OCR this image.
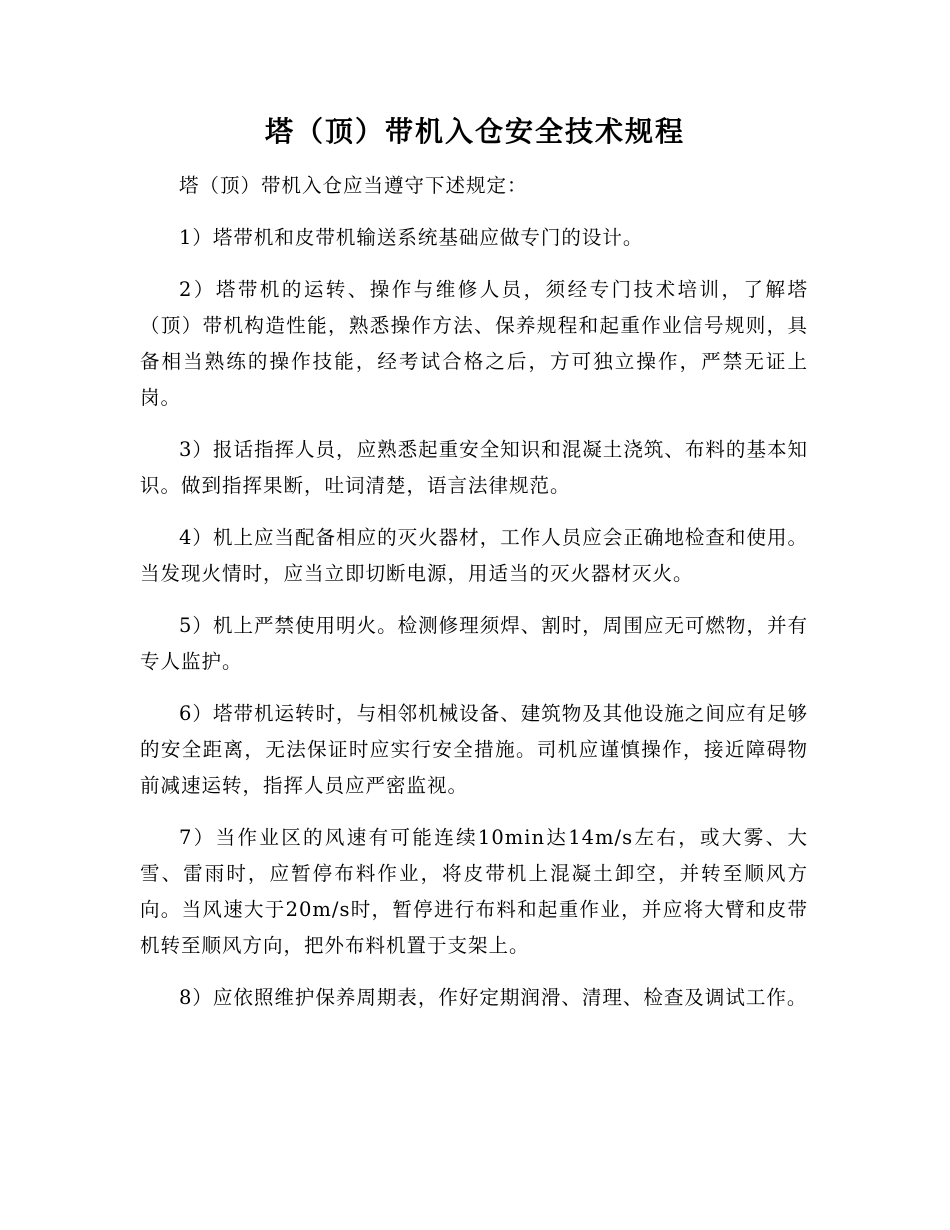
塔（顶）带机入仓安全技术规程

塔（顶）带机入仓应当遵守下述规定：

1）塔带机和皮带机输送系统基础应做专门的设计。

2）塔带机的运转、操作与维修人员，须经专门技术培训，了解塔（顶）带机构造性能，熟悉操作方法、保养规程和起重作业信号规则，具备相当熟练的操作技能，经考试合格之后，方可独立操作，严禁无证上岗。

3）报话指挥人员，应熟悉起重安全知识和混凝土浇筑、布料的基本知识。做到指挥果断，吐词清楚，语言法律规范。

4）机上应当配备相应的灭火器材，工作人员应会正确地检查和使用。当发现火情时，应当立即切断电源，用适当的灭火器材灭火。

5）机上严禁使用明火。检测修理须焊、割时，周围应无可燃物，并有专人监护。

6）塔带机运转时，与相邻机械设备、建筑物及其他设施之间应有足够的安全距离，无法保证时应实行安全措施。司机应谨慎操作，接近障碍物前减速运转，指挥人员应严密监视。

7）当作业区的风速有可能连续10min达14m/s左右，或大雾、大雪、雷雨时，应暂停布料作业，将皮带机上混凝土卸空，并转至顺风方向。当风速大于20m/s时，暂停进行布料和起重作业，并应将大臂和皮带机转至顺风方向，把外布料机置于支架上。

8）应依照维护保养周期表，作好定期润滑、清理、检查及调试工作。
